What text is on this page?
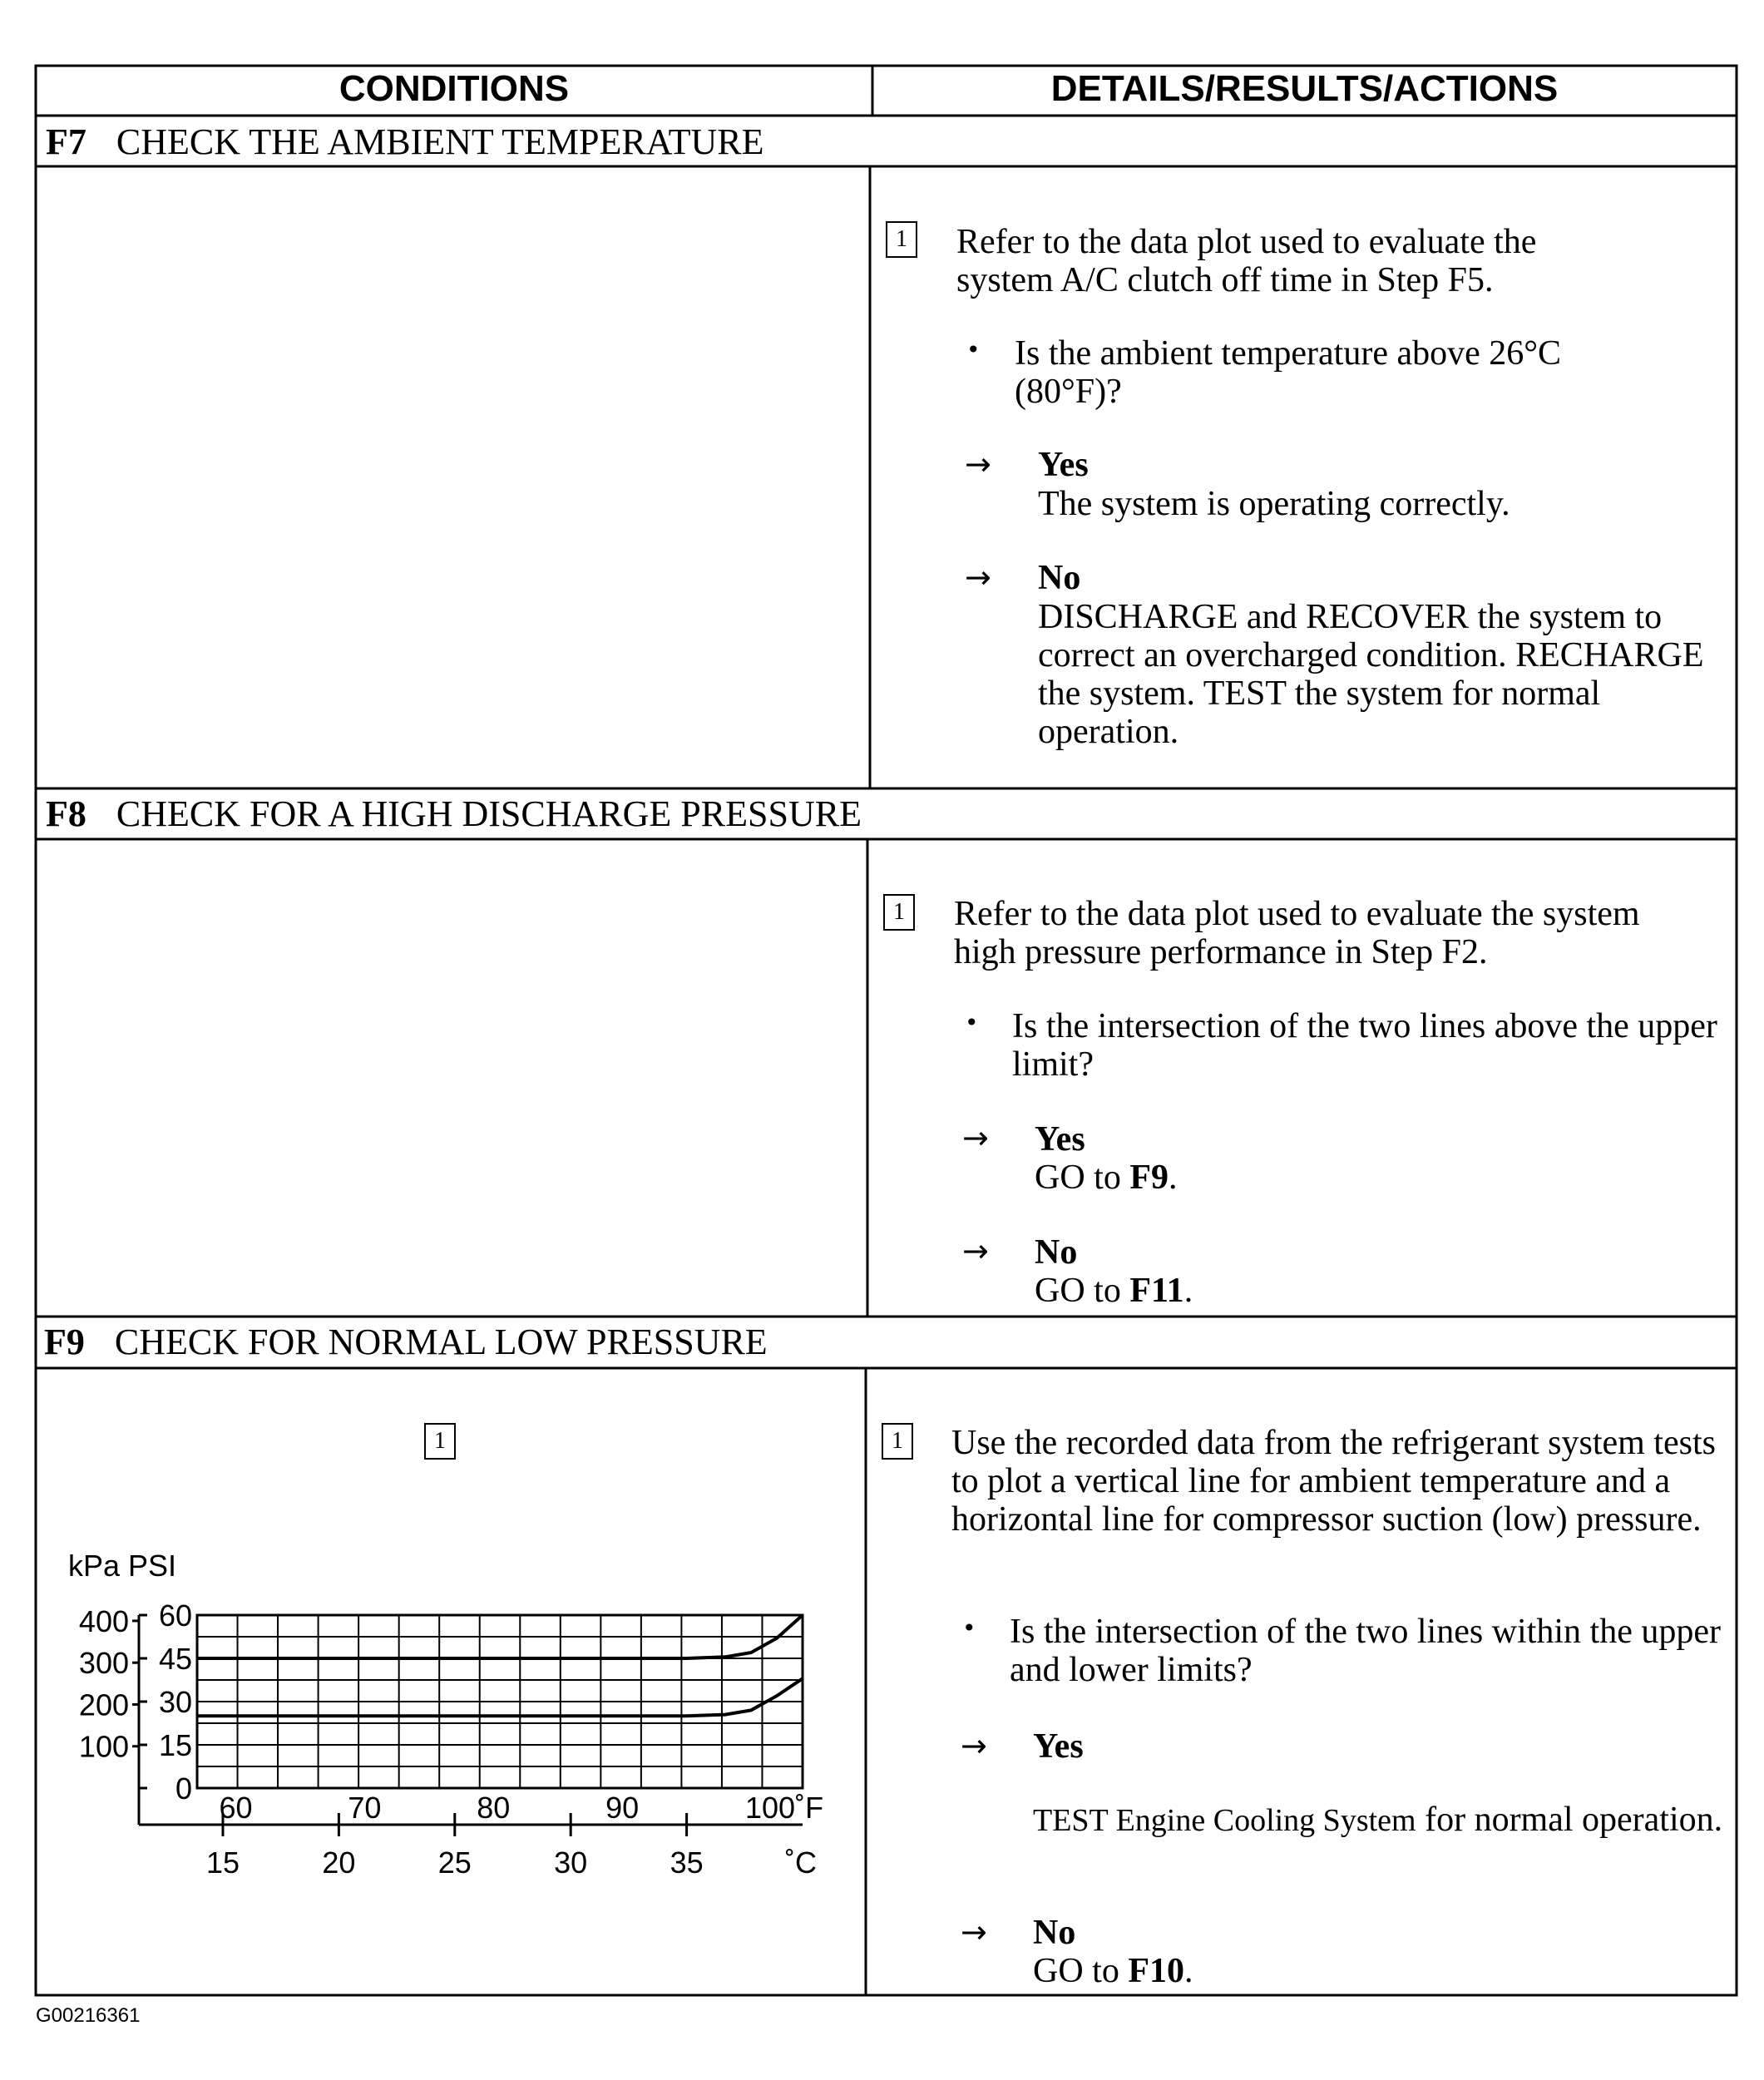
CONDITIONS	DETAILS/RESULTS/ACTIONS
F7 CHECK THE AMBIENT TEMPERATURE
1 Refer to the data plot used to evaluate the system A/C clutch off time in Step F5.
• Is the ambient temperature above 26°C (80°F)?
→ Yes
The system is operating correctly.
→ No
DISCHARGE and RECOVER the system to correct an overcharged condition. RECHARGE the system. TEST the system for normal operation.
F8 CHECK FOR A HIGH DISCHARGE PRESSURE
1 Refer to the data plot used to evaluate the system high pressure performance in Step F2.
• Is the intersection of the two lines above the upper limit?
→ Yes
GO to F9.
→ No
GO to F11.
F9 CHECK FOR NORMAL LOW PRESSURE
1
60
45
30
15
0
400
300
200
100
kPa PSI
60	70	80	90	100˚F
15	20	25	30	35	˚C
1 Use the recorded data from the refrigerant system tests to plot a vertical line for ambient temperature and a horizontal line for compressor suction (low) pressure.
• Is the intersection of the two lines within the upper and lower limits?
→ Yes
TEST Engine Cooling System for normal operation.
→ No
GO to F10.
G00216361
